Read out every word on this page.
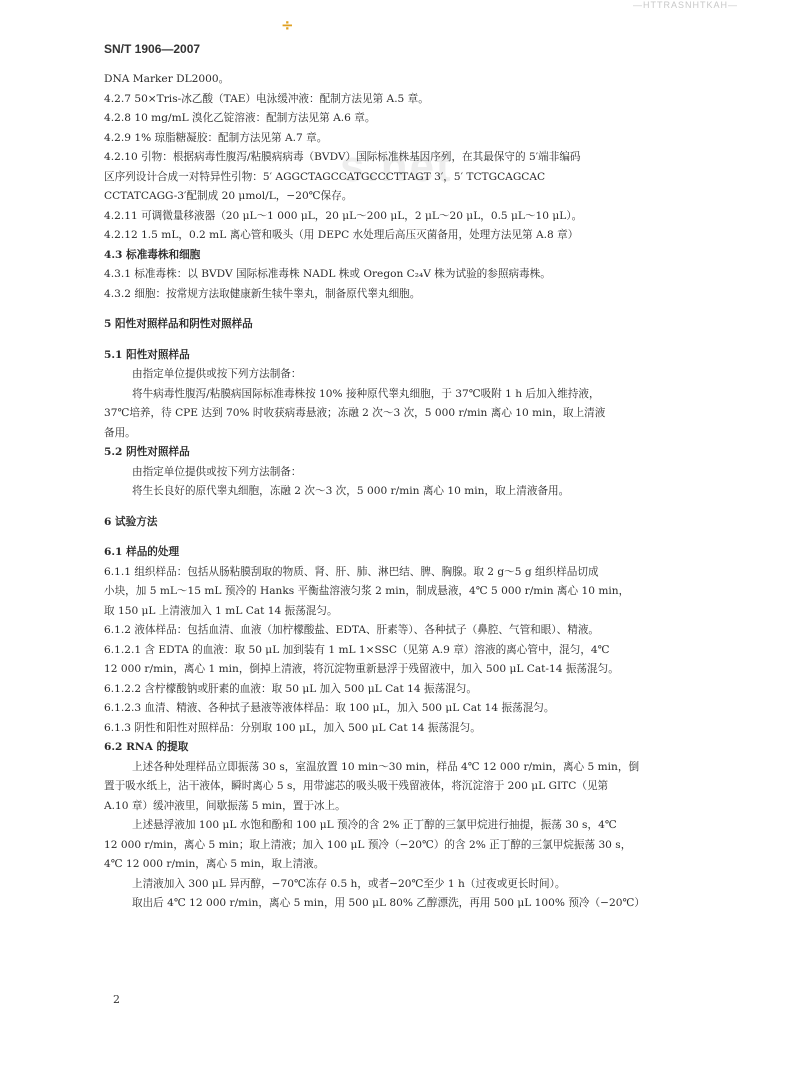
—HTTRASNHTKAH—
÷
SN/T 1906—2007
s.net
DNA Marker DL2000。
4.2.7 50×Tris-冰乙酸（TAE）电泳缓冲液：配制方法见第 A.5 章。
4.2.8 10 mg/mL 溴化乙锭溶液：配制方法见第 A.6 章。
4.2.9 1% 琼脂糖凝胶：配制方法见第 A.7 章。
4.2.10 引物：根据病毒性腹泻/粘膜病病毒（BVDV）国际标准株基因序列，在其最保守的 5′端非编码
区序列设计合成一对特异性引物：5′ AGGCTAGCCATGCCCTTAGT 3′，5′ TCTGCAGCAC
CCTATCAGG-3′配制成 20 μmol/L，−20℃保存。
4.2.11 可调微量移液器（20 μL～1 000 μL，20 μL～200 μL，2 μL～20 μL，0.5 μL～10 μL）。
4.2.12 1.5 mL，0.2 mL 离心管和吸头（用 DEPC 水处理后高压灭菌备用，处理方法见第 A.8 章）
4.3 标准毒株和细胞
4.3.1 标准毒株：以 BVDV 国际标准毒株 NADL 株或 Oregon C₂₄V 株为试验的参照病毒株。
4.3.2 细胞：按常规方法取健康新生犊牛睾丸，制备原代睾丸细胞。
5 阳性对照样品和阴性对照样品
5.1 阳性对照样品
由指定单位提供或按下列方法制备：
将牛病毒性腹泻/粘膜病国际标准毒株按 10% 接种原代睾丸细胞，于 37℃吸附 1 h 后加入维持液，
37℃培养，待 CPE 达到 70% 时收获病毒悬液；冻融 2 次～3 次，5 000 r/min 离心 10 min，取上清液
备用。
5.2 阴性对照样品
由指定单位提供或按下列方法制备：
将生长良好的原代睾丸细胞，冻融 2 次～3 次，5 000 r/min 离心 10 min，取上清液备用。
6 试验方法
6.1 样品的处理
6.1.1 组织样品：包括从肠粘膜刮取的物质、肾、肝、肺、淋巴结、脾、胸腺。取 2 g～5 g 组织样品切成
小块，加 5 mL～15 mL 预冷的 Hanks 平衡盐溶液匀浆 2 min，制成悬液，4℃ 5 000 r/min 离心 10 min，
取 150 μL 上清液加入 1 mL Cat 14 振荡混匀。
6.1.2 液体样品：包括血清、血液（加柠檬酸盐、EDTA、肝素等）、各种拭子（鼻腔、气管和眼）、精液。
6.1.2.1 含 EDTA 的血液：取 50 μL 加到装有 1 mL 1×SSC（见第 A.9 章）溶液的离心管中，混匀，4℃
12 000 r/min，离心 1 min，倒掉上清液，将沉淀物重新悬浮于残留液中，加入 500 μL Cat-14 振荡混匀。
6.1.2.2 含柠檬酸钠或肝素的血液：取 50 μL 加入 500 μL Cat 14 振荡混匀。
6.1.2.3 血清、精液、各种拭子悬液等液体样品：取 100 μL，加入 500 μL Cat 14 振荡混匀。
6.1.3 阴性和阳性对照样品：分别取 100 μL，加入 500 μL Cat 14 振荡混匀。
6.2 RNA 的提取
上述各种处理样品立即振荡 30 s，室温放置 10 min～30 min，样品 4℃ 12 000 r/min，离心 5 min，倒
置于吸水纸上，沾干液体，瞬时离心 5 s，用带滤芯的吸头吸干残留液体，将沉淀溶于 200 μL GITC（见第
A.10 章）缓冲液里，间歇振荡 5 min，置于冰上。
上述悬浮液加 100 μL 水饱和酚和 100 μL 预冷的含 2% 正丁醇的三氯甲烷进行抽提，振荡 30 s，4℃
12 000 r/min，离心 5 min；取上清液；加入 100 μL 预冷（−20℃）的含 2% 正丁醇的三氯甲烷振荡 30 s，
4℃ 12 000 r/min，离心 5 min，取上清液。
上清液加入 300 μL 异丙醇，−70℃冻存 0.5 h，或者−20℃至少 1 h（过夜或更长时间）。
取出后 4℃ 12 000 r/min，离心 5 min，用 500 μL 80% 乙醇漂洗，再用 500 μL 100% 预冷（−20℃）
2
